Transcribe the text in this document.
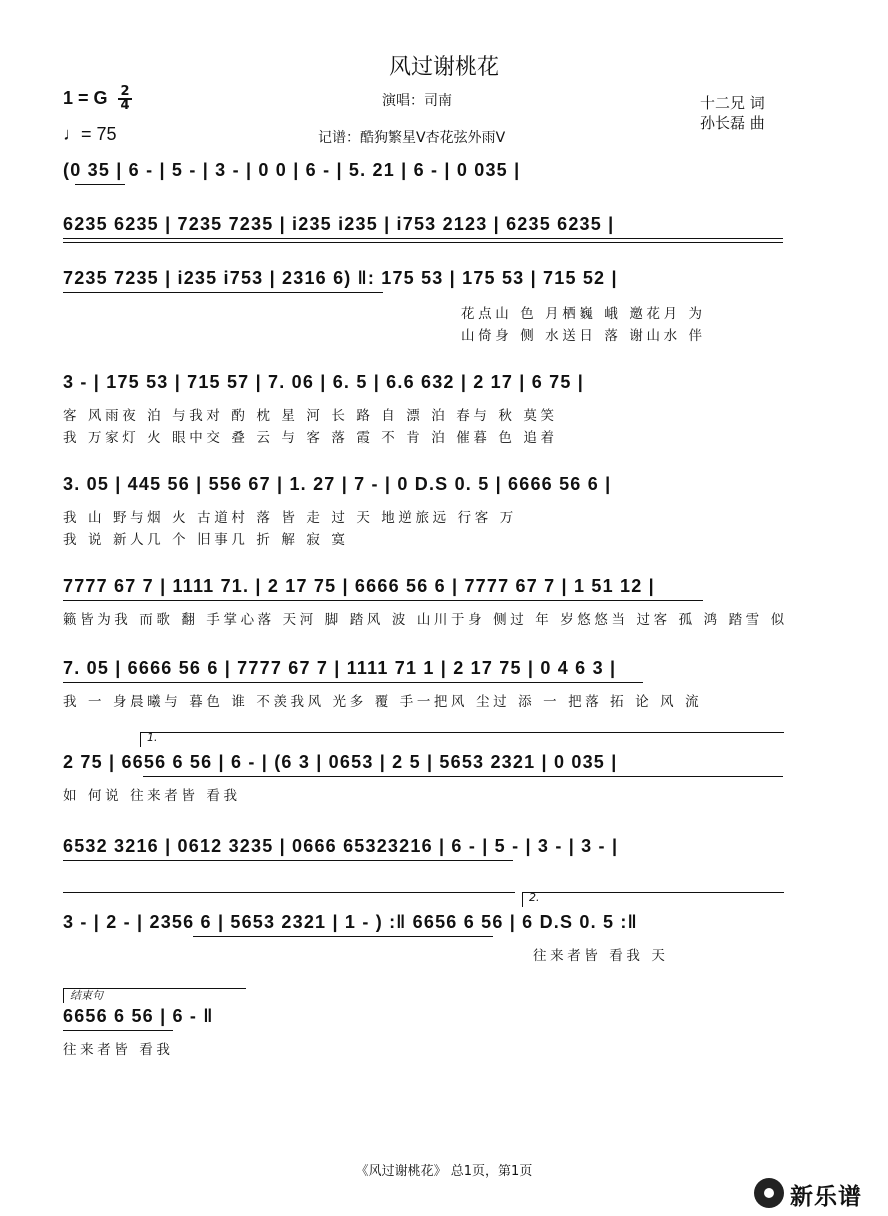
风过谢桃花
1 = G 2
4	演唱：司南	十二兄 词
孙长磊 曲
♩= 75	记谱：酷狗繁星V杏花弦外雨V
(0 35 | 6 - | 5 - | 3 - | 0 0 | 6 - | 5. 21 | 6 - | 0 035 |
6235 6235 | 7235 7235 | i235 i235 | i753 2123 | 6235 6235 |
7235 7235 | i235 i753 | 2316 6) ‖: 175 53 | 175 53 | 715 52 |
花点山 色 月栖巍 峨 邀花月 为
山倚身 侧 水送日 落 谢山水 伴
3 - | 175 53 | 715 57 | 7. 06 | 6. 5 | 6.6 632 | 2 17 | 6 75 |
客 风雨夜 泊 与我对 酌 枕 星 河 长 路 自 漂 泊 春与 秋 莫笑
我 万家灯 火 眼中交 叠 云 与 客 落 霞 不 肯 泊 催暮 色 追着
3. 05 | 445 56 | 556 67 | 1. 27 | 7 - | 0 D.S 0. 5 | 6666 56 6 |
我 山 野与烟 火 古道村 落 皆 走 过 天 地逆旅远 行客 万
我 说 新人几 个 旧事几 折 解 寂 寞
7777 67 7 | 1111 71. | 2 17 75 | 6666 56 6 | 7777 67 7 | 1 51 12 |
籁皆为我 而歌 翻 手掌心落 天河 脚 踏风 波 山川于身 侧过 年 岁悠悠当 过客 孤 鸿 踏雪 似
7. 05 | 6666 56 6 | 7777 67 7 | 1111 71 1 | 2 17 75 | 0 4 6 3 |
我 一 身晨曦与 暮色 谁 不羡我风 光多 覆 手一把风 尘过 添 一 把落 拓 论 风 流
1.
2 75 | 6656 6 56 | 6 - | (6 3 | 0653 | 2 5 | 5653 2321 | 0 035 |
如 何说 往来者皆 看我
6532 3216 | 0612 3235 | 0666 65323216 | 6 - | 5 - | 3 - | 3 - |
2.
3 - | 2 - | 2356 6 | 5653 2321 | 1 - ) :‖ 6656 6 56 | 6 D.S 0. 5 :‖
往来者皆 看我 天
结束句
6656 6 56 | 6 - ‖
往来者皆 看我
《风过谢桃花》 总1页，第1页
新乐谱
